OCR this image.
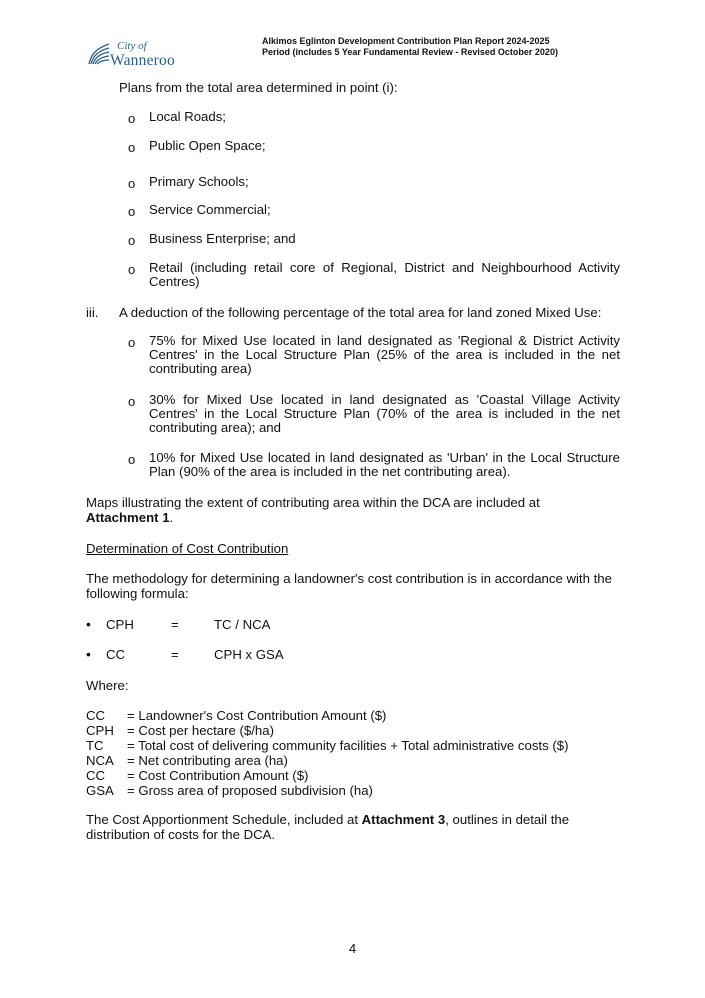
City of
Wanneroo
Alkimos Eglinton Development Contribution Plan Report 2024-2025
Period (includes 5 Year Fundamental Review - Revised October 2020)
Plans from the total area determined in point (i):
o Local Roads;
o Public Open Space;
o Primary Schools;
o Service Commercial;
o Business Enterprise; and
o Retail (including retail core of Regional, District and Neighbourhood Activity Centres)
iii. A deduction of the following percentage of the total area for land zoned Mixed Use:
o 75% for Mixed Use located in land designated as 'Regional & District Activity Centres' in the Local Structure Plan (25% of the area is included in the net contributing area)
o 30% for Mixed Use located in land designated as 'Coastal Village Activity Centres' in the Local Structure Plan (70% of the area is included in the net contributing area); and
o 10% for Mixed Use located in land designated as 'Urban' in the Local Structure Plan (90% of the area is included in the net contributing area).
Maps illustrating the extent of contributing area within the DCA are included at
Attachment 1.
Determination of Cost Contribution
The methodology for determining a landowner's cost contribution is in accordance with the following formula:
• CPH	=	TC / NCA
• CC	=	CPH x GSA
Where:
CC = Landowner's Cost Contribution Amount ($)
CPH = Cost per hectare ($/ha)
TC = Total cost of delivering community facilities + Total administrative costs ($)
NCA = Net contributing area (ha)
CC = Cost Contribution Amount ($)
GSA = Gross area of proposed subdivision (ha)
The Cost Apportionment Schedule, included at Attachment 3, outlines in detail the distribution of costs for the DCA.
4
